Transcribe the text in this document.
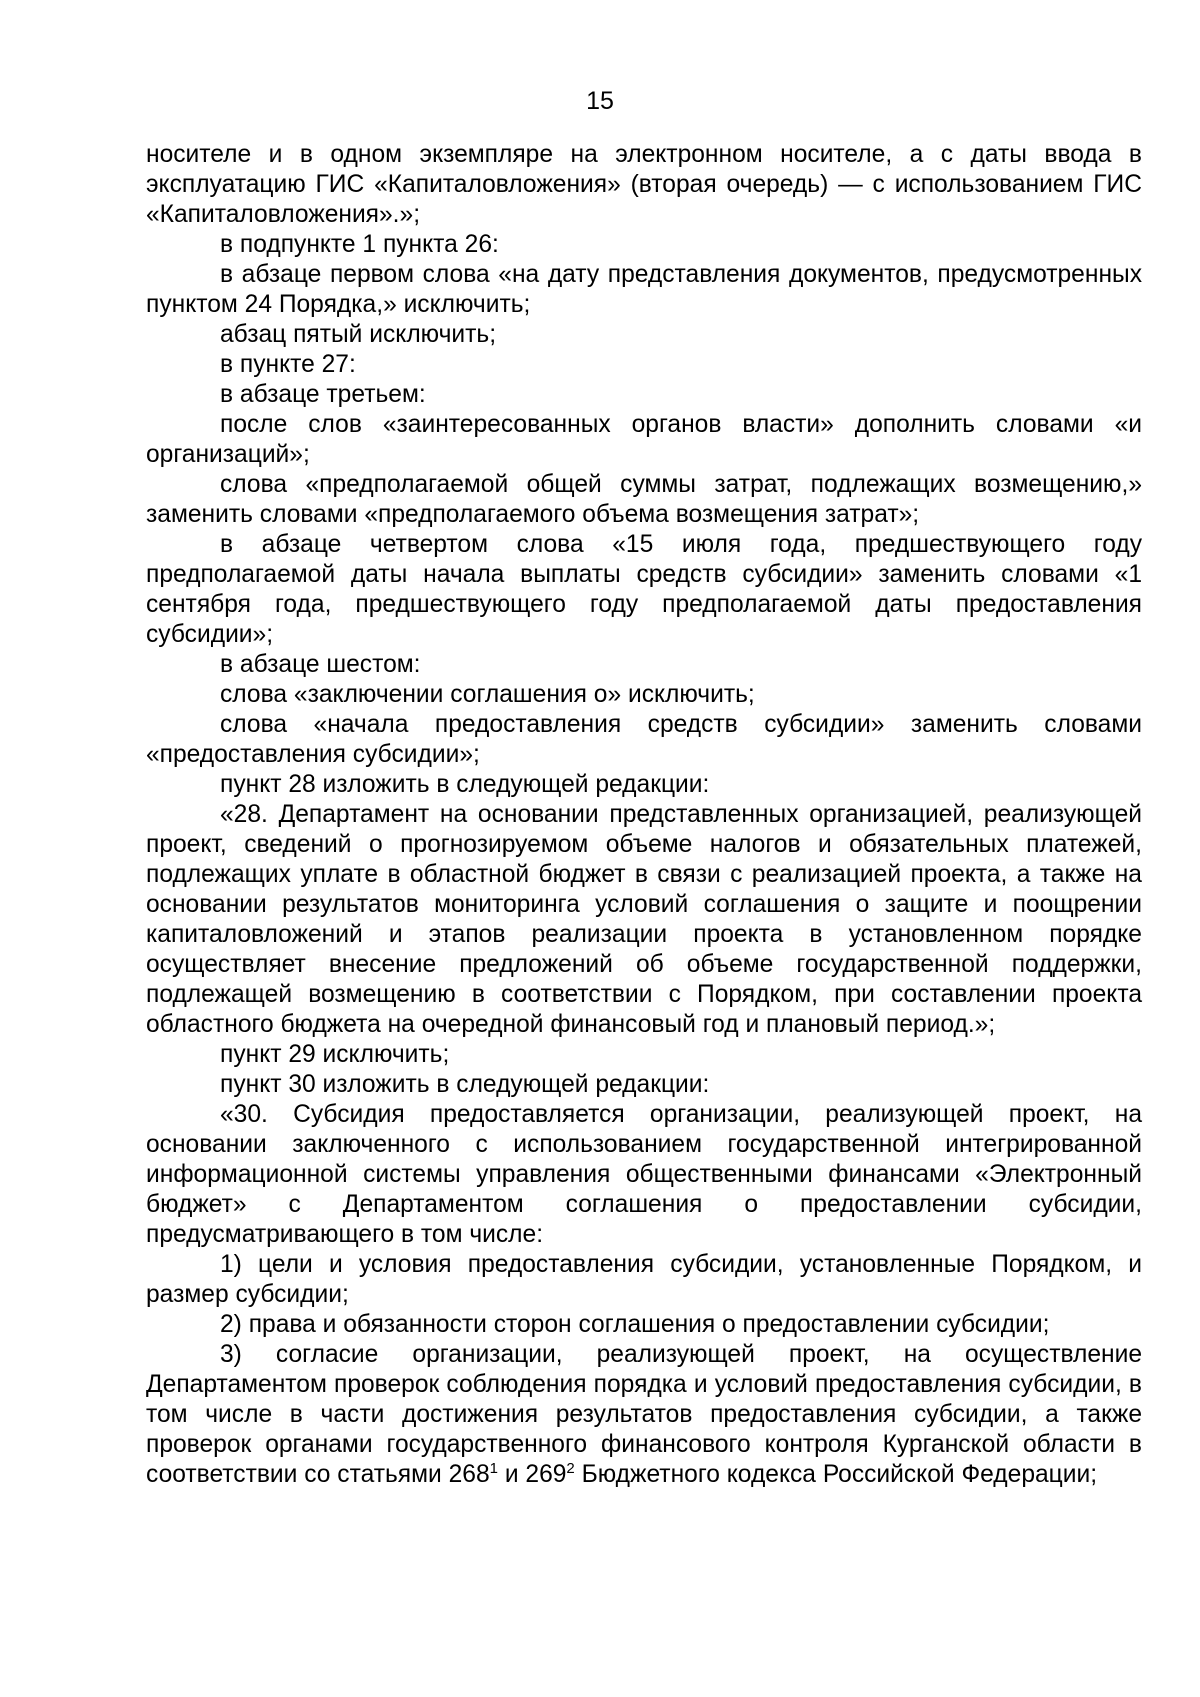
15

носителе и в одном экземпляре на электронном носителе, а с даты ввода в эксплуатацию ГИС «Капиталовложения» (вторая очередь) — с использованием ГИС «Капиталовложения».»;

в подпункте 1 пункта 26:

в абзаце первом слова «на дату представления документов, предусмотренных пунктом 24 Порядка,» исключить;

абзац пятый исключить;

в пункте 27:

в абзаце третьем:

после слов «заинтересованных органов власти» дополнить словами «и организаций»;

слова «предполагаемой общей суммы затрат, подлежащих возмещению,» заменить словами «предполагаемого объема возмещения затрат»;

в абзаце четвертом слова «15 июля года, предшествующего году предполагаемой даты начала выплаты средств субсидии» заменить словами «1 сентября года, предшествующего году предполагаемой даты предоставления субсидии»;

в абзаце шестом:

слова «заключении соглашения о» исключить;

слова «начала предоставления средств субсидии» заменить словами «предоставления субсидии»;

пункт 28 изложить в следующей редакции:

«28. Департамент на основании представленных организацией, реализующей проект, сведений о прогнозируемом объеме налогов и обязательных платежей, подлежащих уплате в областной бюджет в связи с реализацией проекта, а также на основании результатов мониторинга условий соглашения о защите и поощрении капиталовложений и этапов реализации проекта в установленном порядке осуществляет внесение предложений об объеме государственной поддержки, подлежащей возмещению в соответствии с Порядком, при составлении проекта областного бюджета на очередной финансовый год и плановый период.»;

пункт 29 исключить;

пункт 30 изложить в следующей редакции:

«30. Субсидия предоставляется организации, реализующей проект, на основании заключенного с использованием государственной интегрированной информационной системы управления общественными финансами «Электронный бюджет» с Департаментом соглашения о предоставлении субсидии, предусматривающего в том числе:

1) цели и условия предоставления субсидии, установленные Порядком, и размер субсидии;

2) права и обязанности сторон соглашения о предоставлении субсидии;

3) согласие организации, реализующей проект, на осуществление Департаментом проверок соблюдения порядка и условий предоставления субсидии, в том числе в части достижения результатов предоставления субсидии, а также проверок органами государственного финансового контроля Курганской области в соответствии со статьями $268^1$ и $269^2$ Бюджетного кодекса Российской Федерации;
